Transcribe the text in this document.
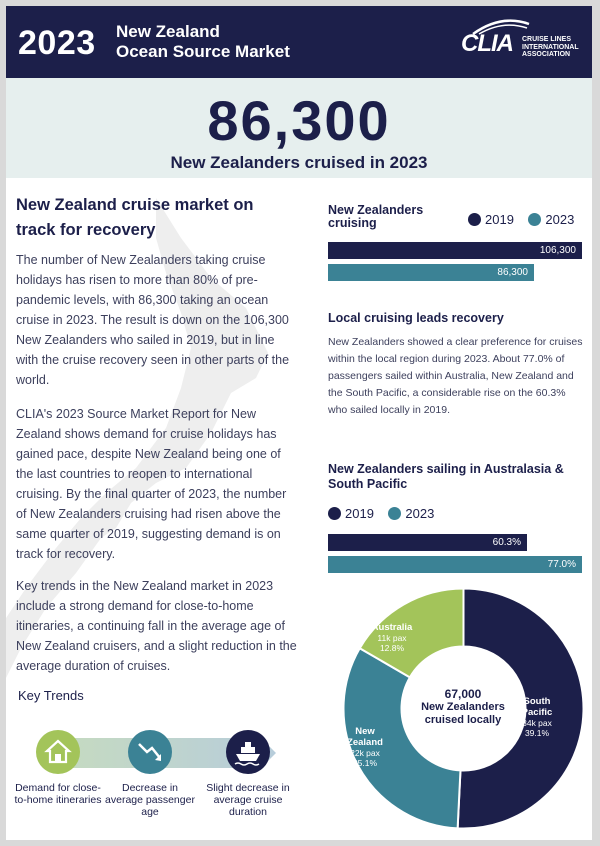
2023 New Zealand
Ocean Source Market	CLIA CRUISE LINES
INTERNATIONAL
ASSOCIATION
86,300
New Zealanders cruised in 2023
New Zealand cruise market on track for recovery
The number of New Zealanders taking cruise holidays has risen to more than 80% of pre-pandemic levels, with 86,300 taking an ocean cruise in 2023. The result is down on the 106,300 New Zealanders who sailed in 2019, but in line with the cruise recovery seen in other parts of the world.
CLIA's 2023 Source Market Report for New Zealand shows demand for cruise holidays has gained pace, despite New Zealand being one of the last countries to reopen to international cruising. By the final quarter of 2023, the number of New Zealanders cruising had risen above the same quarter of 2019, suggesting demand is on track for recovery.
Key trends in the New Zealand market in 2023 include a strong demand for close-to-home itineraries, a continuing fall in the average age of New Zealand cruisers, and a slight reduction in the average duration of cruises.
Key Trends
Demand for close-to-home itineraries
Decrease in average passenger age
Slight decrease in average cruise duration
New Zealanders cruising	2019 2023
106,300
86,300
Local cruising leads recovery
New Zealanders showed a clear preference for cruises within the local region during 2023. About 77.0% of passengers sailed within Australia, New Zealand and the South Pacific, a considerable rise on the 60.3% who sailed locally in 2019.
New Zealanders sailing in Australasia & South Pacific
2019 2023
60.3%
77.0%
67,000
New Zealanders
cruised locally
Australia
11k pax
12.8%
New Zealand
22k pax
25.1%
South Pacific
34k pax
39.1%
